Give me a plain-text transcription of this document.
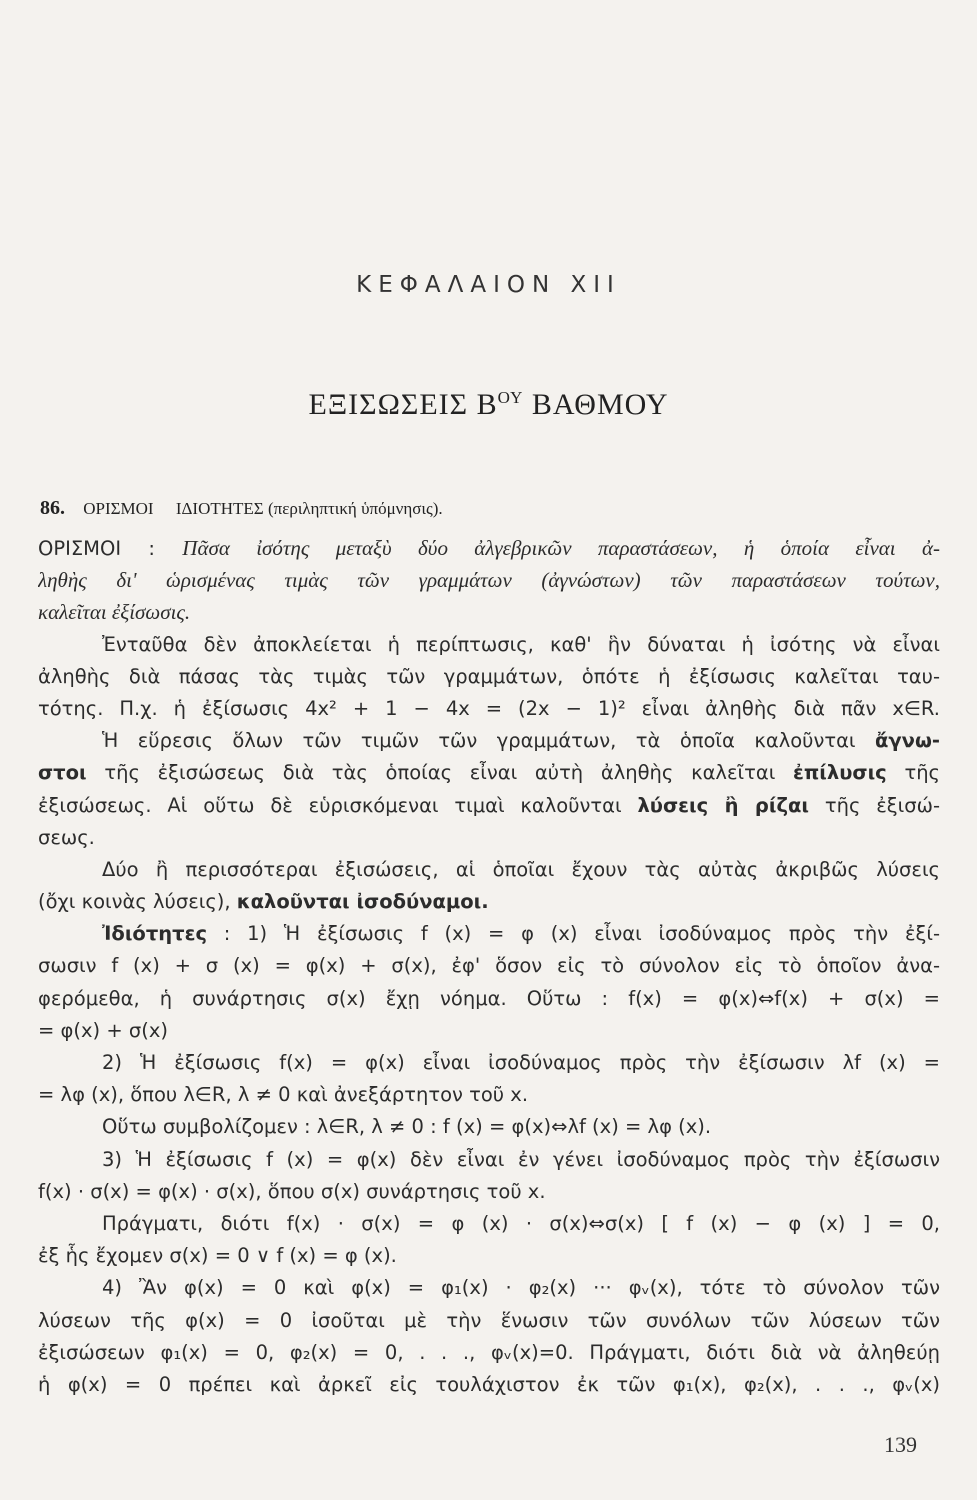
ΚΕΦΑΛΑΙΟΝ XII
ΕΞΙΣΩΣΕΙΣ $B^{O\Upsilon}$ ΒΑΘΜΟΥ
86. ΟΡΙΣΜΟΙ ΙΔΙΟΤΗΤΕΣ (περιληπτική ὑπόμνησις).
ΟΡΙΣΜΟΙ : Πᾶσα ἰσότης μεταξὺ δύο ἀλγεβρικῶν παραστάσεων, ἡ ὁποία εἶναι ἀ-
ληθὴς δι' ὡρισμένας τιμὰς τῶν γραμμάτων (ἀγνώστων) τῶν παραστάσεων τούτων,
καλεῖται ἐξίσωσις.
Ἐνταῦθα δὲν ἀποκλείεται ἡ περίπτωσις, καθ' ἣν δύναται ἡ ἰσότης νὰ εἶναι
ἀληθὴς διὰ πάσας τὰς τιμὰς τῶν γραμμάτων, ὁπότε ἡ ἐξίσωσις καλεῖται ταυ-
τότης. Π.χ. ἡ ἐξίσωσις 4x² + 1 − 4x = (2x − 1)² εἶναι ἀληθὴς διὰ πᾶν x∈R.
Ἡ εὕρεσις ὅλων τῶν τιμῶν τῶν γραμμάτων, τὰ ὁποῖα καλοῦνται ἄγνω-
στοι τῆς ἐξισώσεως διὰ τὰς ὁποίας εἶναι αὐτὴ ἀληθὴς καλεῖται ἐπίλυσις τῆς
ἐξισώσεως. Αἱ οὕτω δὲ εὑρισκόμεναι τιμαὶ καλοῦνται λύσεις ἢ ρίζαι τῆς ἐξισώ-
σεως.
Δύο ἢ περισσότεραι ἐξισώσεις, αἱ ὁποῖαι ἔχουν τὰς αὐτὰς ἀκριβῶς λύσεις
(ὄχι κοινὰς λύσεις), καλοῦνται ἰσοδύναμοι.
Ἰδιότητες : 1) Ἡ ἐξίσωσις f (x) = φ (x) εἶναι ἰσοδύναμος πρὸς τὴν ἐξί-
σωσιν f (x) + σ (x) = φ(x) + σ(x), ἐφ' ὅσον εἰς τὸ σύνολον εἰς τὸ ὁποῖον ἀνα-
φερόμεθα, ἡ συνάρτησις σ(x) ἔχῃ νόημα. Οὕτω : f(x) = φ(x)⇔f(x) + σ(x) =
= φ(x) + σ(x)
2) Ἡ ἐξίσωσις f(x) = φ(x) εἶναι ἰσοδύναμος πρὸς τὴν ἐξίσωσιν λf (x) =
= λφ (x), ὅπου λ∈R, λ ≠ 0 καὶ ἀνεξάρτητον τοῦ x.
Οὕτω συμβολίζομεν : λ∈R, λ ≠ 0 : f (x) = φ(x)⇔λf (x) = λφ (x).
3) Ἡ ἐξίσωσις f (x) = φ(x) δὲν εἶναι ἐν γένει ἰσοδύναμος πρὸς τὴν ἐξίσωσιν
f(x) · σ(x) = φ(x) · σ(x), ὅπου σ(x) συνάρτησις τοῦ x.
Πράγματι, διότι f(x) · σ(x) = φ (x) · σ(x)⇔σ(x) [ f (x) − φ (x) ] = 0,
ἐξ ἧς ἔχομεν σ(x) = 0 ∨ f (x) = φ (x).
4) Ἂν φ(x) = 0 καὶ φ(x) = φ₁(x) · φ₂(x) ··· φᵥ(x), τότε τὸ σύνολον τῶν
λύσεων τῆς φ(x) = 0 ἰσοῦται μὲ τὴν ἕνωσιν τῶν συνόλων τῶν λύσεων τῶν
ἐξισώσεων φ₁(x) = 0, φ₂(x) = 0, . . ., φᵥ(x)=0. Πράγματι, διότι διὰ νὰ ἀληθεύῃ
ἡ φ(x) = 0 πρέπει καὶ ἀρκεῖ εἰς τουλάχιστον ἐκ τῶν φ₁(x), φ₂(x), . . ., φᵥ(x)
139
